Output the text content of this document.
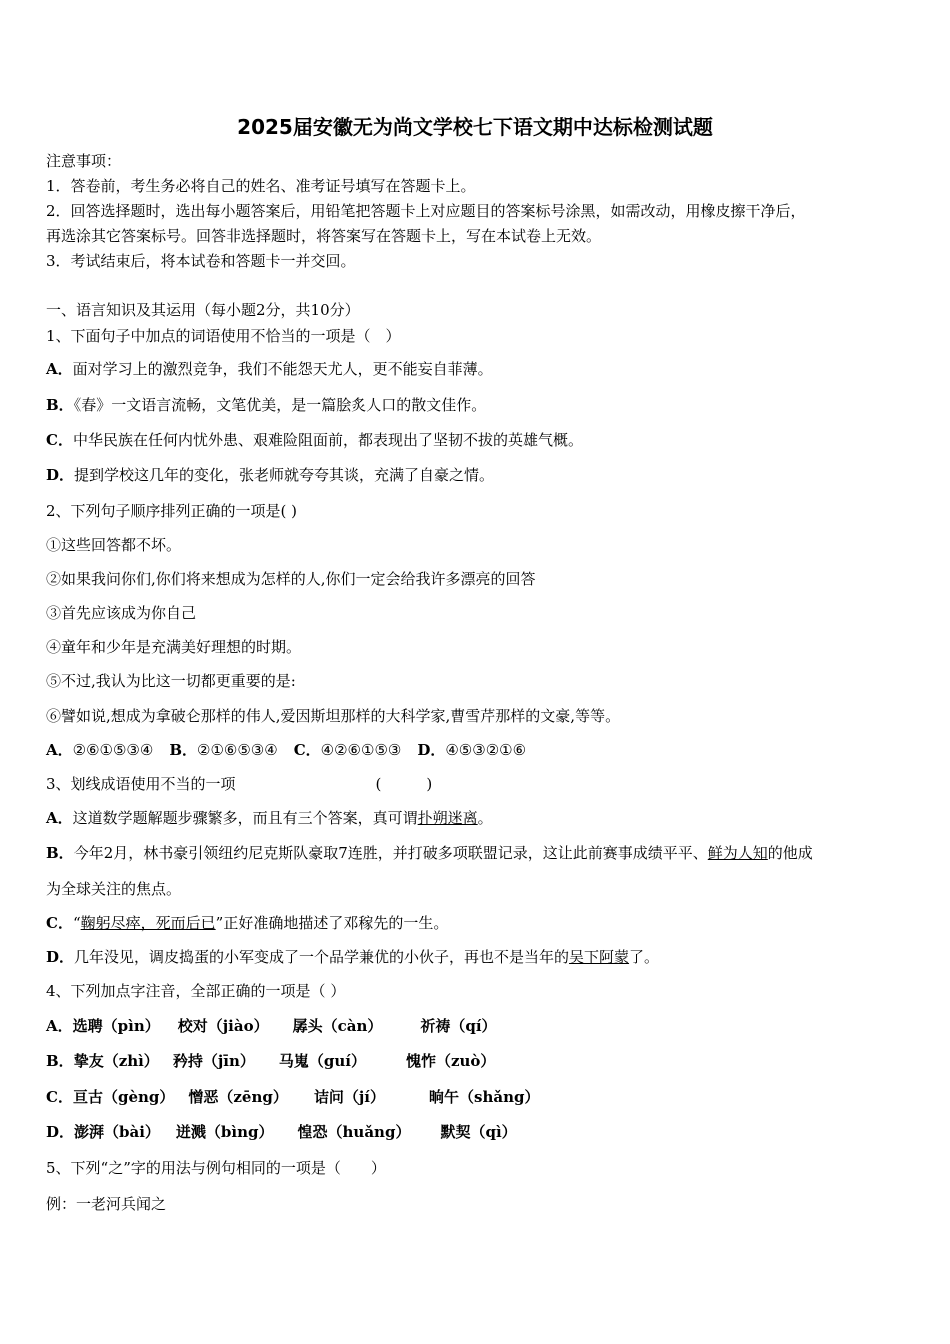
2025届安徽无为尚文学校七下语文期中达标检测试题
注意事项：
1．答卷前，考生务必将自己的姓名、准考证号填写在答题卡上。
2．回答选择题时，选出每小题答案后，用铅笔把答题卡上对应题目的答案标号涂黑，如需改动，用橡皮擦干净后，
再选涂其它答案标号。回答非选择题时，将答案写在答题卡上，写在本试卷上无效。
3．考试结束后，将本试卷和答题卡一并交回。
一、语言知识及其运用（每小题2分，共10分）
1、下面句子中加点的词语使用不恰当的一项是（　）
A．面对学习上的激烈竞争，我们不能怨天尤人，更不能妄自菲薄。
B．《春》一文语言流畅，文笔优美，是一篇脍炙人口的散文佳作。
C．中华民族在任何内忧外患、艰难险阻面前，都表现出了坚韧不拔的英雄气概。
D．提到学校这几年的变化，张老师就夸夸其谈，充满了自豪之情。
2、下列句子顺序排列正确的一项是( )
①这些回答都不坏。
②如果我问你们,你们将来想成为怎样的人,你们一定会给我许多漂亮的回答
③首先应该成为你自己
④童年和少年是充满美好理想的时期。
⑤不过,我认为比这一切都更重要的是:
⑥譬如说,想成为拿破仑那样的伟人,爱因斯坦那样的大科学家,曹雪芹那样的文豪,等等。
A．②⑥①⑤③④ B．②①⑥⑤③④ C．④②⑥①⑤③ D．④⑤③②①⑥
3、划线成语使用不当的一项	(　　　)
A．这道数学题解题步骤繁多，而且有三个答案，真可谓扑朔迷离。
B．今年2月，林书豪引领纽约尼克斯队豪取7连胜，并打破多项联盟记录，这让此前赛事成绩平平、鲜为人知的他成
为全球关注的焦点。
C．“鞠躬尽瘁，死而后已”正好准确地描述了邓稼先的一生。
D．几年没见，调皮捣蛋的小军变成了一个品学兼优的小伙子，再也不是当年的吴下阿蒙了。
4、下列加点字注音，全部正确的一项是（ ）
A．选聘（pìn） 校对（jiào） 孱头（càn）	祈祷（qí）
B．挚友（zhì） 矜持（jīn） 马嵬（guí）	愧怍（zuò）
C．亘古（gèng） 憎恶（zēng） 诘问（jí）	晌午（shǎng）
D．澎湃（bài） 迸溅（bìng） 惶恐（huǎng） 默契（qì）
5、下列“之”字的用法与例句相同的一项是（　　）
例：一老河兵闻之
